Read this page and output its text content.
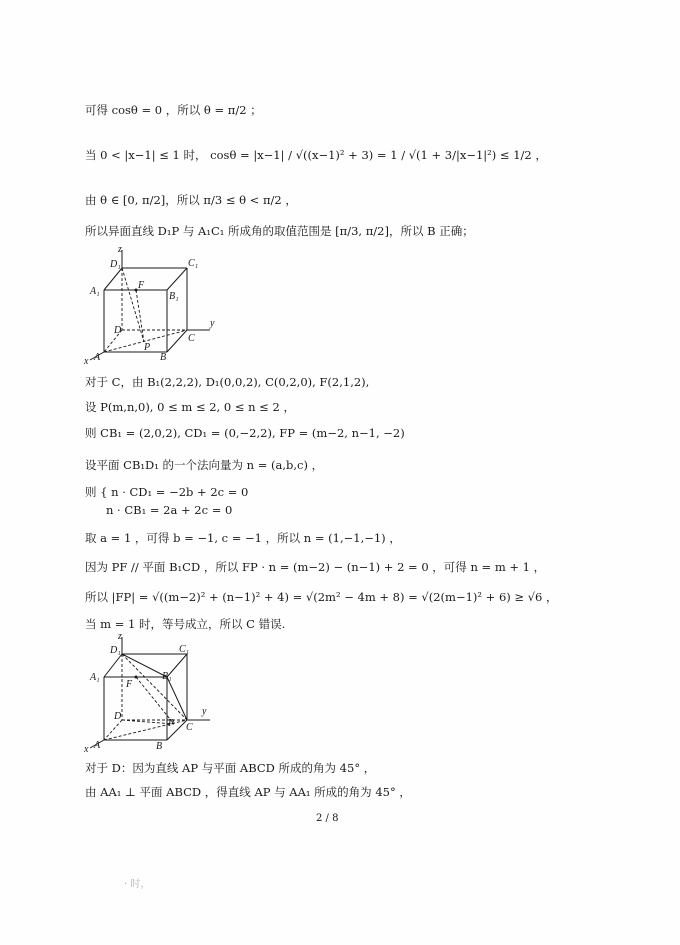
可得 cosθ = 0 ，所以 θ = π/2 ；
当 0 < |x−1| ≤ 1 时， cosθ = |x−1| / √((x−1)² + 3) = 1 / √(1 + 3/|x−1|²) ≤ 1/2 ，
由 θ ∈ [0, π/2]，所以 π/3 ≤ θ < π/2 ，
所以异面直线 D₁P 与 A₁C₁ 所成角的取值范围是 [π/3, π/2]，所以 B 正确；
z
y
x
D₁	C₁
A₁	B₁
F
D
C
A	B
P
对于 C，由 B₁(2,2,2), D₁(0,0,2), C(0,2,0), F(2,1,2),
设 P(m,n,0), 0 ≤ m ≤ 2, 0 ≤ n ≤ 2 ，
则 CB₁ = (2,0,2), CD₁ = (0,−2,2), FP = (m−2, n−1, −2)
设平面 CB₁D₁ 的一个法向量为 n = (a,b,c) ，
则 { n · CD₁ = −2b + 2c = 0
n · CB₁ = 2a + 2c = 0
取 a = 1 ，可得 b = −1, c = −1 ，所以 n = (1,−1,−1) ，
因为 PF // 平面 B₁CD ，所以 FP · n = (m−2) − (n−1) + 2 = 0 ，可得 n = m + 1 ，
所以 |FP| = √((m−2)² + (n−1)² + 4) = √(2m² − 4m + 8) = √(2(m−1)² + 6) ≥ √6 ，
当 m = 1 时，等号成立，所以 C 错误.
z
y
x
D₁	C₁
A₁	B₁
F
D
C
A	B
P
对于 D：因为直线 AP 与平面 ABCD 所成的角为 45° ，
由 AA₁ ⊥ 平面 ABCD ，得直线 AP 与 AA₁ 所成的角为 45° ，
2 / 8
· 时，
